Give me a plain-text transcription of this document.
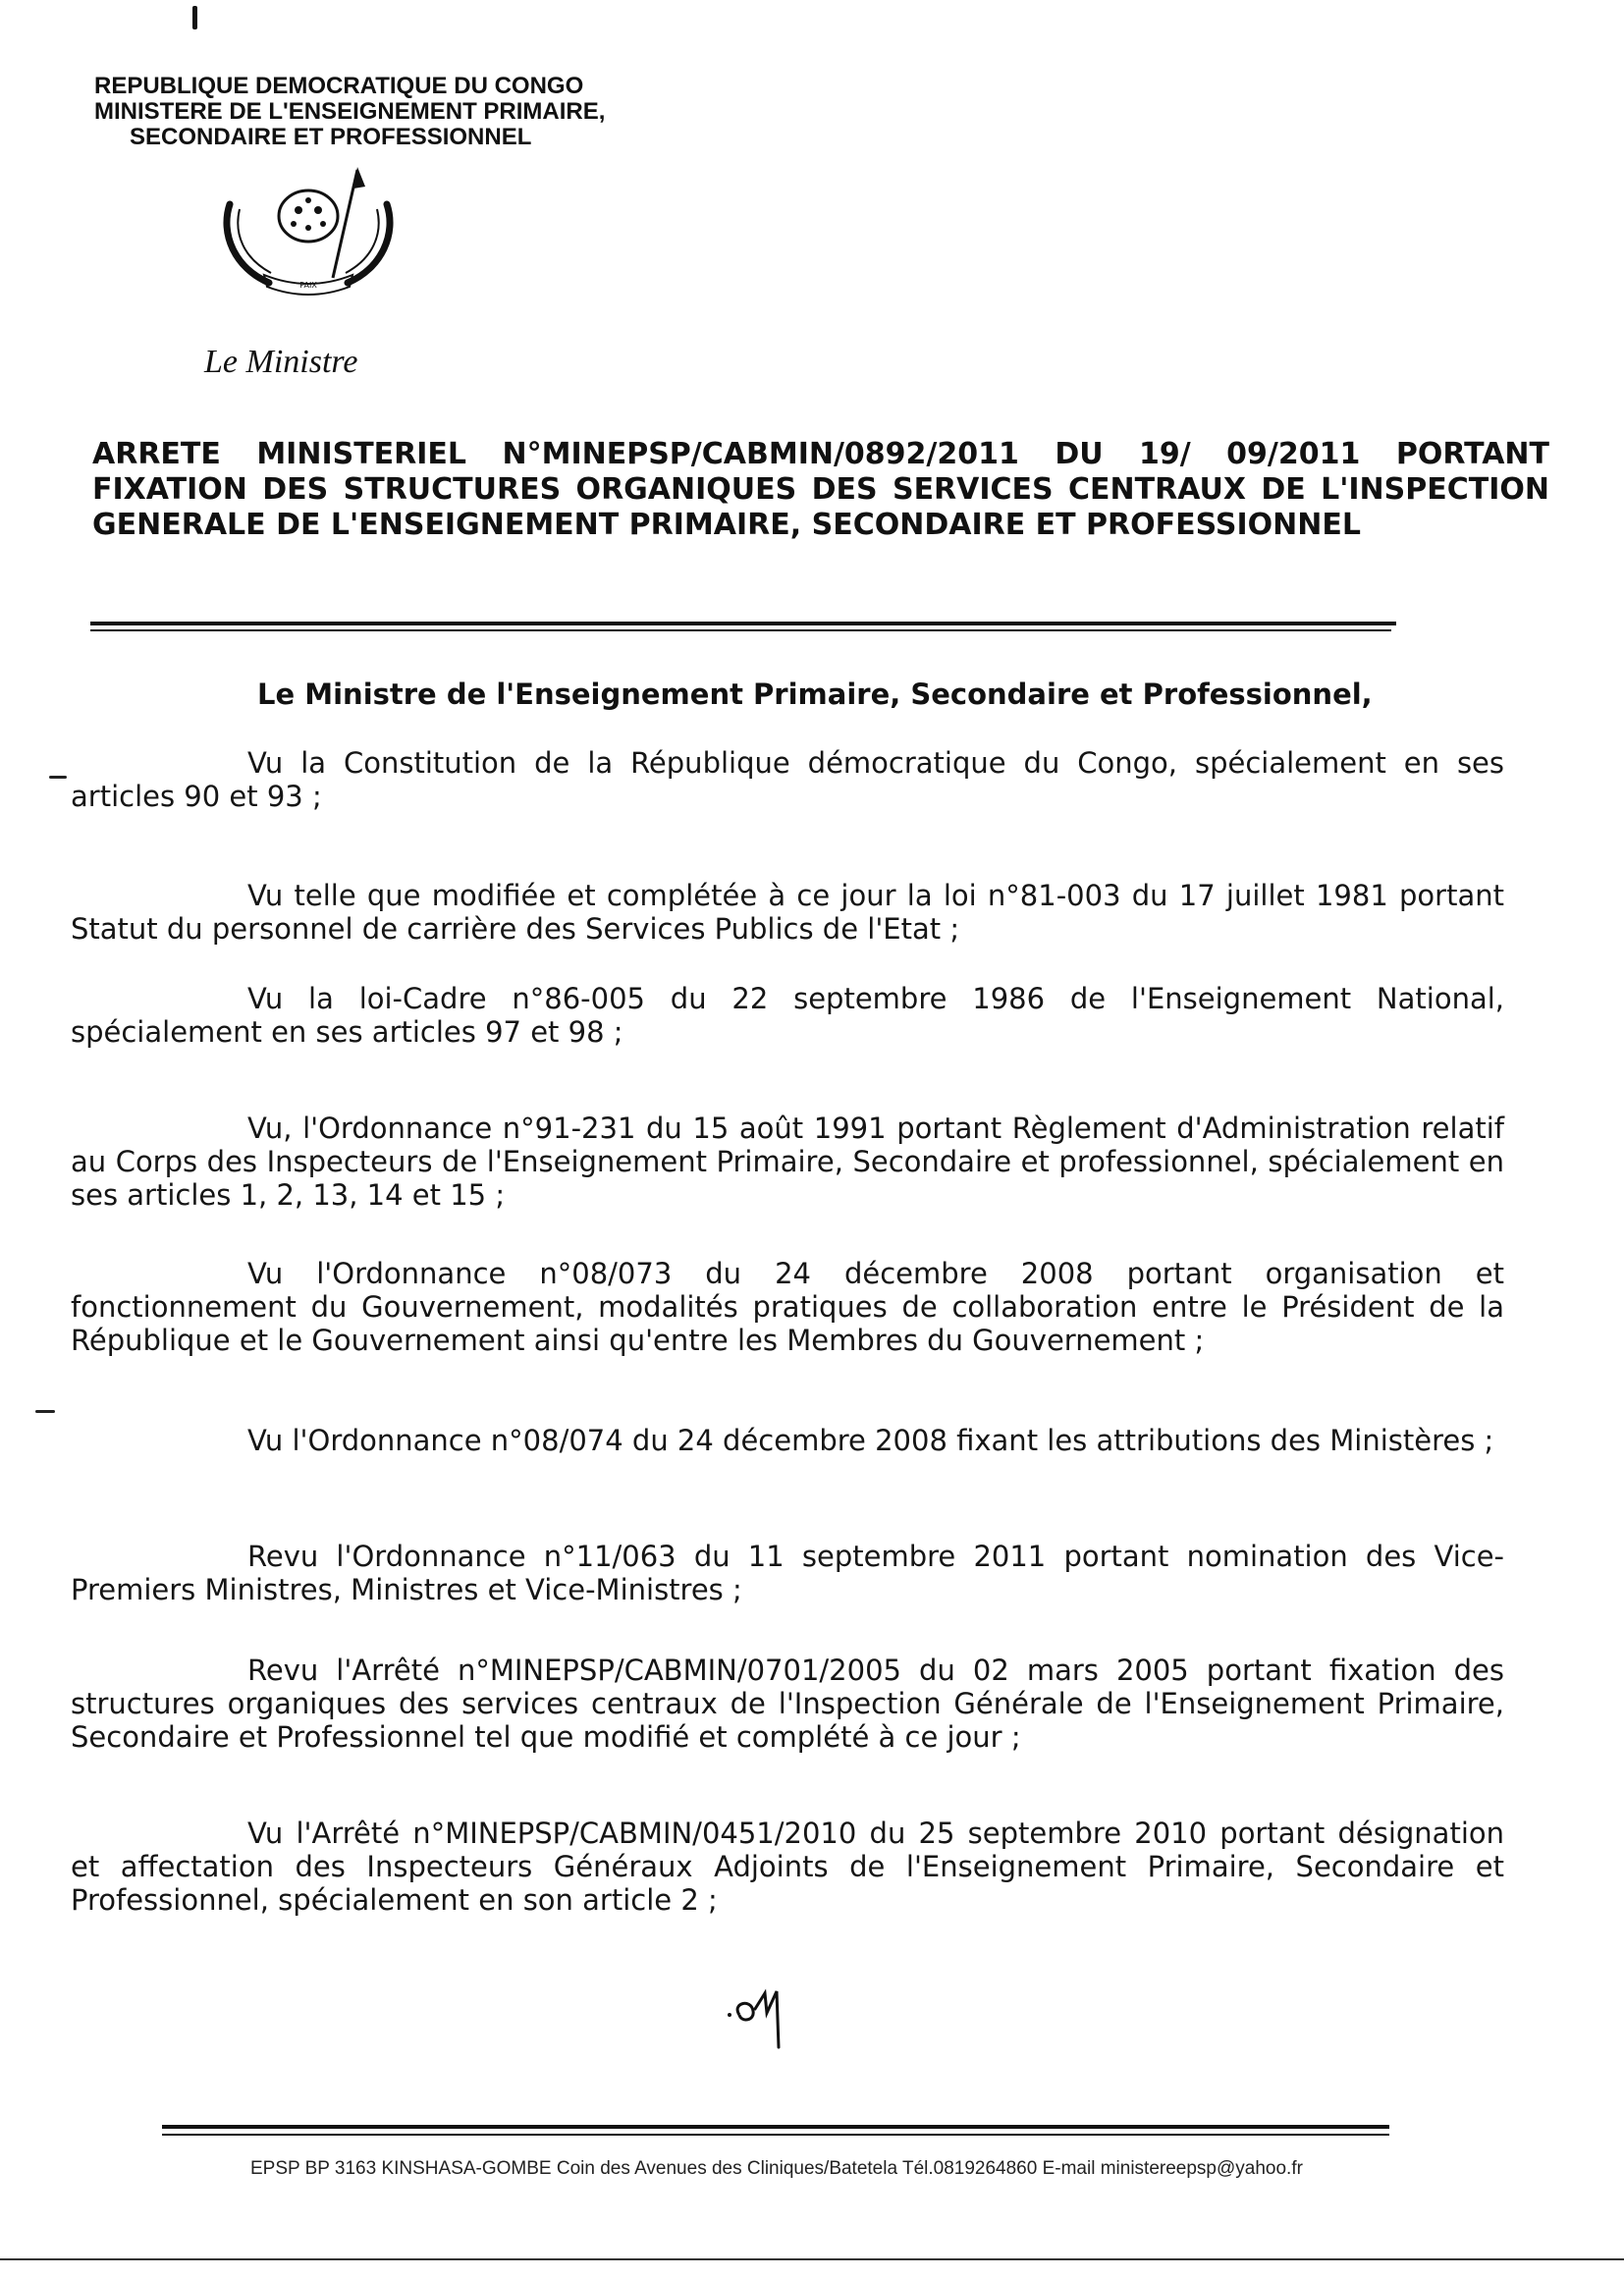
REPUBLIQUE DEMOCRATIQUE DU CONGO
MINISTERE DE L'ENSEIGNEMENT PRIMAIRE,
SECONDAIRE ET PROFESSIONNEL
PAIX
Le Ministre
ARRETE MINISTERIEL N°MINEPSP/CABMIN/0892/2011 DU 19/ 09/2011 PORTANT FIXATION DES STRUCTURES ORGANIQUES DES SERVICES CENTRAUX DE L'INSPECTION GENERALE DE L'ENSEIGNEMENT PRIMAIRE, SECONDAIRE ET PROFESSIONNEL
Le Ministre de l'Enseignement Primaire, Secondaire et Professionnel,
Vu la Constitution de la République démocratique du Congo, spécialement en ses articles 90 et 93 ;
Vu telle que modifiée et complétée à ce jour la loi n°81-003 du 17 juillet 1981 portant Statut du personnel de carrière des Services Publics de l'Etat ;
Vu la loi-Cadre n°86-005 du 22 septembre 1986 de l'Enseignement National, spécialement en ses articles 97 et 98 ;
Vu, l'Ordonnance n°91-231 du 15 août 1991 portant Règlement d'Administration relatif au Corps des Inspecteurs de l'Enseignement Primaire, Secondaire et professionnel, spécialement en ses articles 1, 2, 13, 14 et 15 ;
Vu l'Ordonnance n°08/073 du 24 décembre 2008 portant organisation et fonctionnement du Gouvernement, modalités pratiques de collaboration entre le Président de la République et le Gouvernement ainsi qu'entre les Membres du Gouvernement ;
Vu l'Ordonnance n°08/074 du 24 décembre 2008 fixant les attributions des Ministères ;
Revu l'Ordonnance n°11/063 du 11 septembre 2011 portant nomination des Vice-Premiers Ministres, Ministres et Vice-Ministres ;
Revu l'Arrêté n°MINEPSP/CABMIN/0701/2005 du 02 mars 2005 portant fixation des structures organiques des services centraux de l'Inspection Générale de l'Enseignement Primaire, Secondaire et Professionnel tel que modifié et complété à ce jour ;
Vu l'Arrêté n°MINEPSP/CABMIN/0451/2010 du 25 septembre 2010 portant désignation et affectation des Inspecteurs Généraux Adjoints de l'Enseignement Primaire, Secondaire et Professionnel, spécialement en son article 2 ;
EPSP BP 3163 KINSHASA-GOMBE Coin des Avenues des Cliniques/Batetela Tél.0819264860 E-mail ministereepsp@yahoo.fr
